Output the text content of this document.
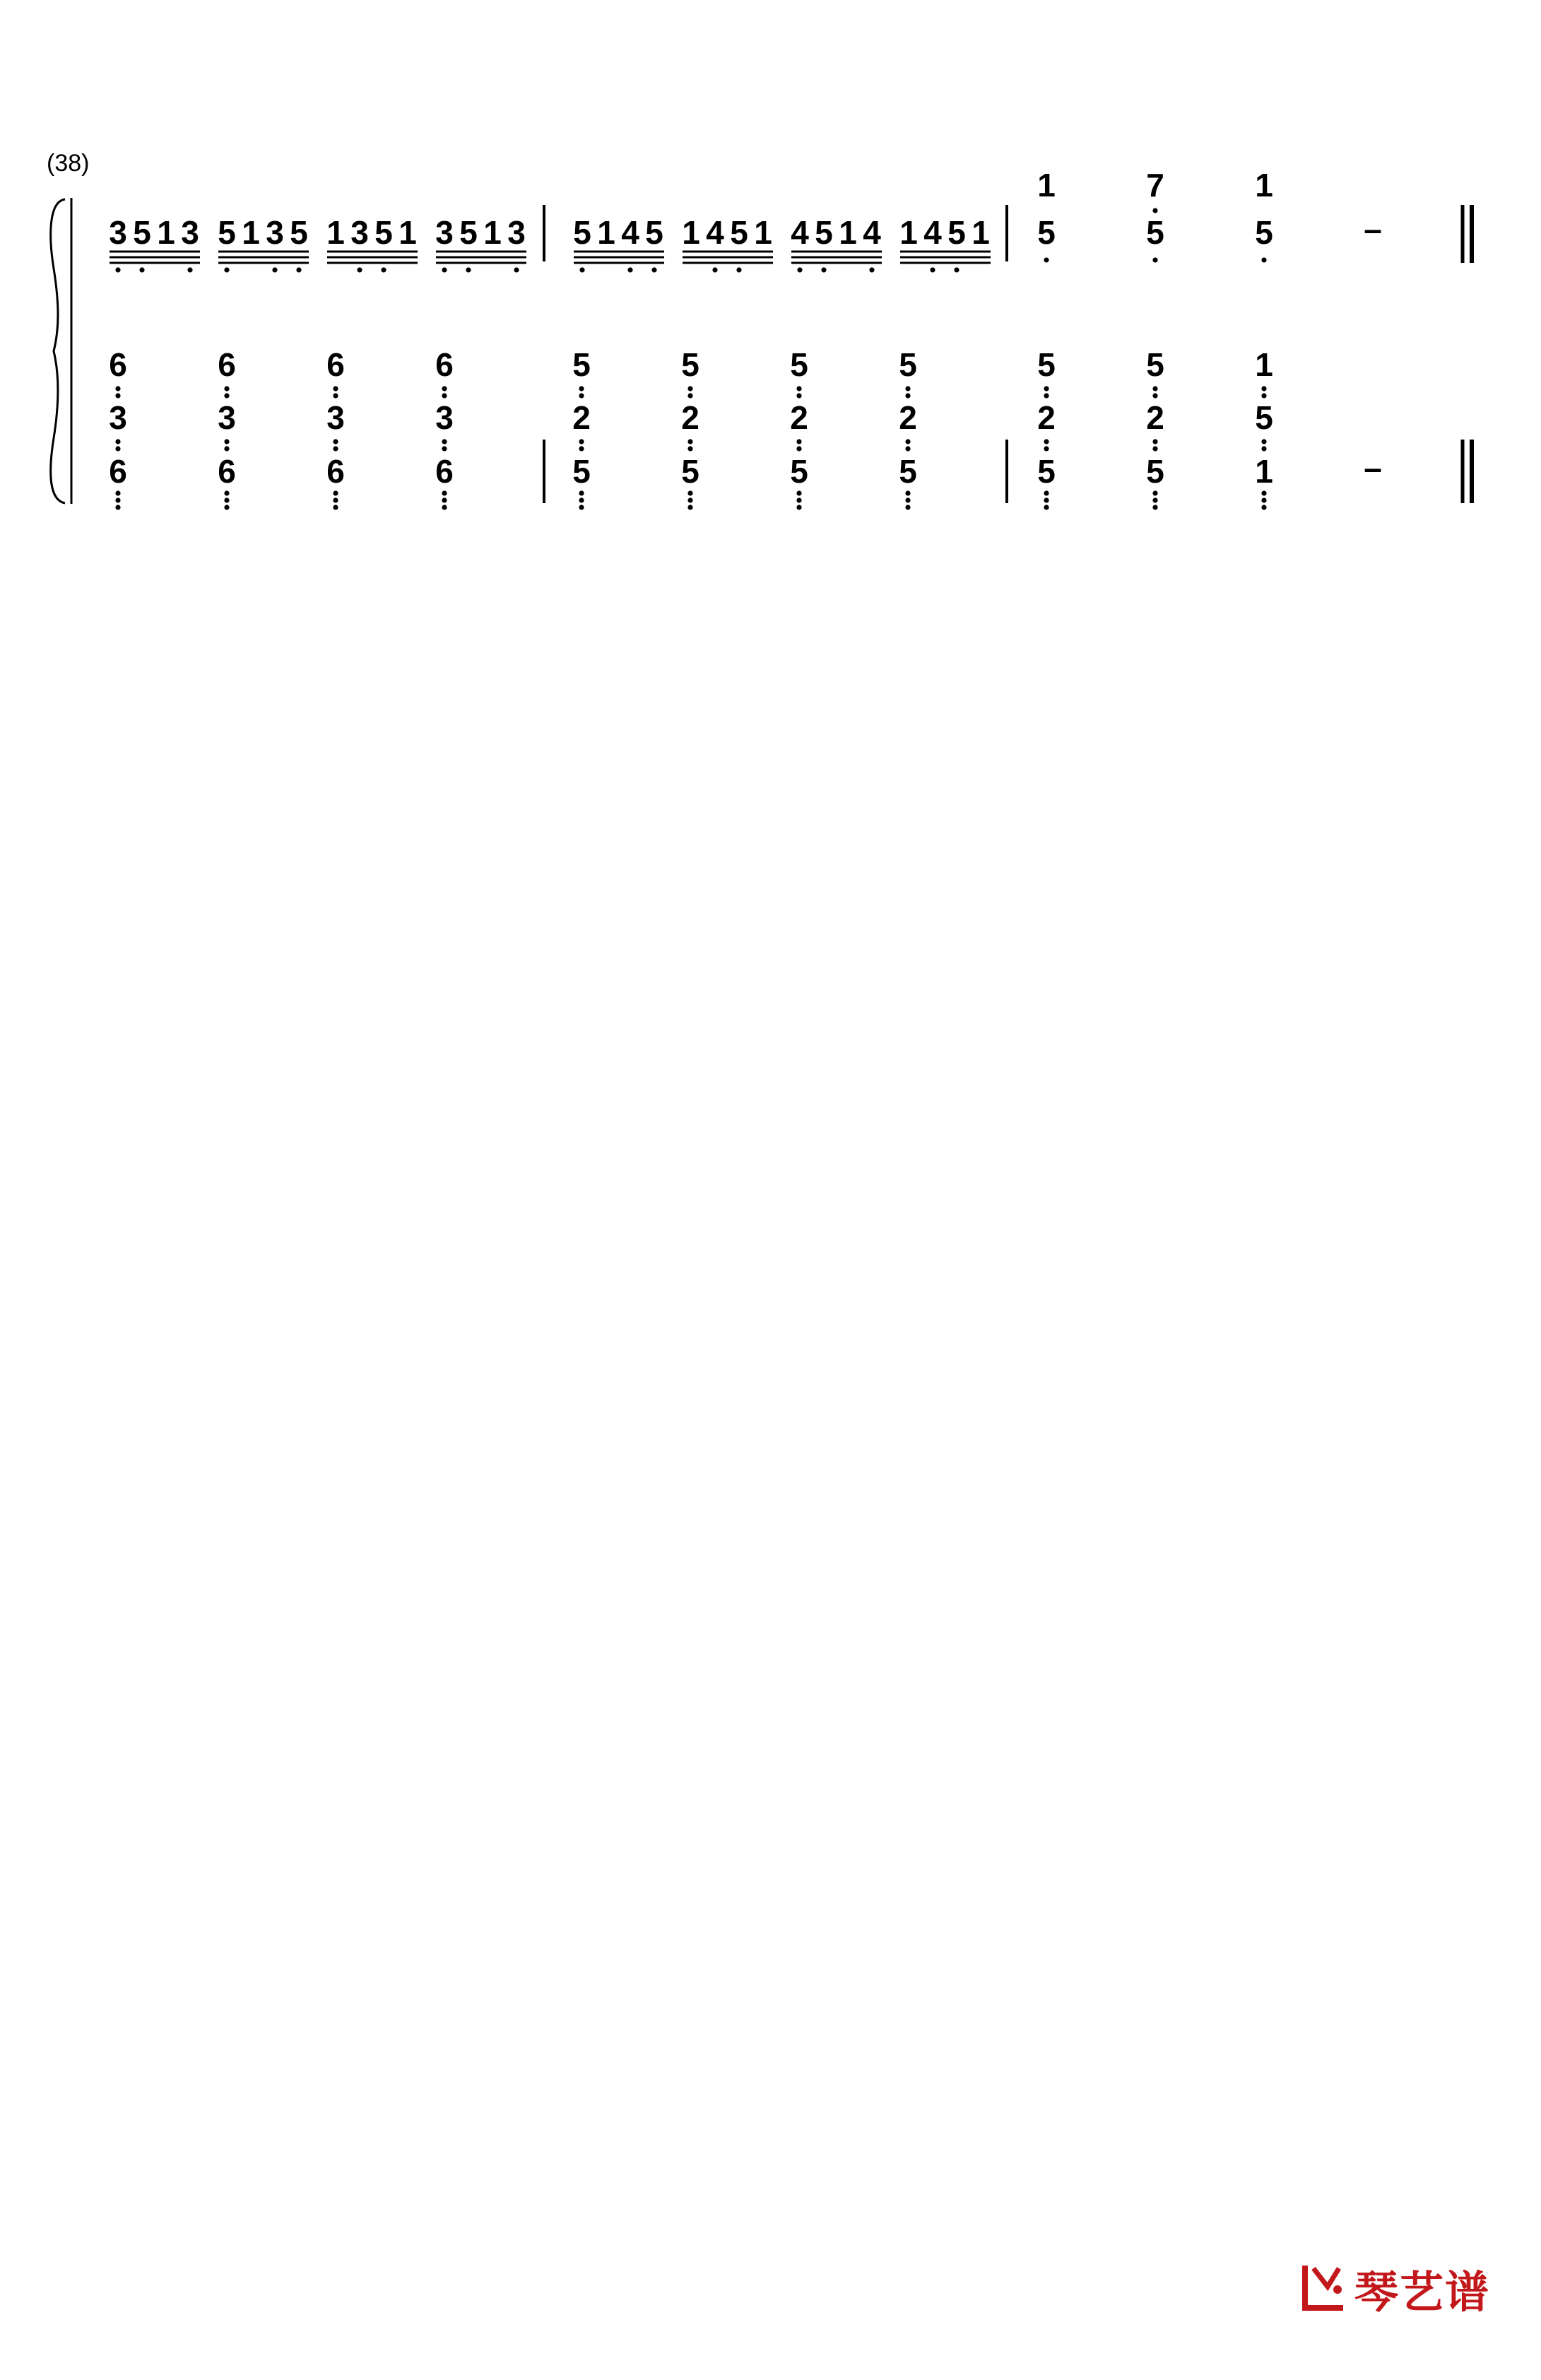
(38)
3 5 1 3 5 1 3 5 1 3 5 1 3 5 1 3 5 1 4 5 1 4 5 1 4 5 1 4 1 4 5 1
1
5
7
5
1
5	–
6
3
6
6
3
6
6
3
6
6
3
6
5
2
5
5
2
5
5
2
5
5
2
5
5
2
5
5
2
5
1
5
1	–
琴艺谱
